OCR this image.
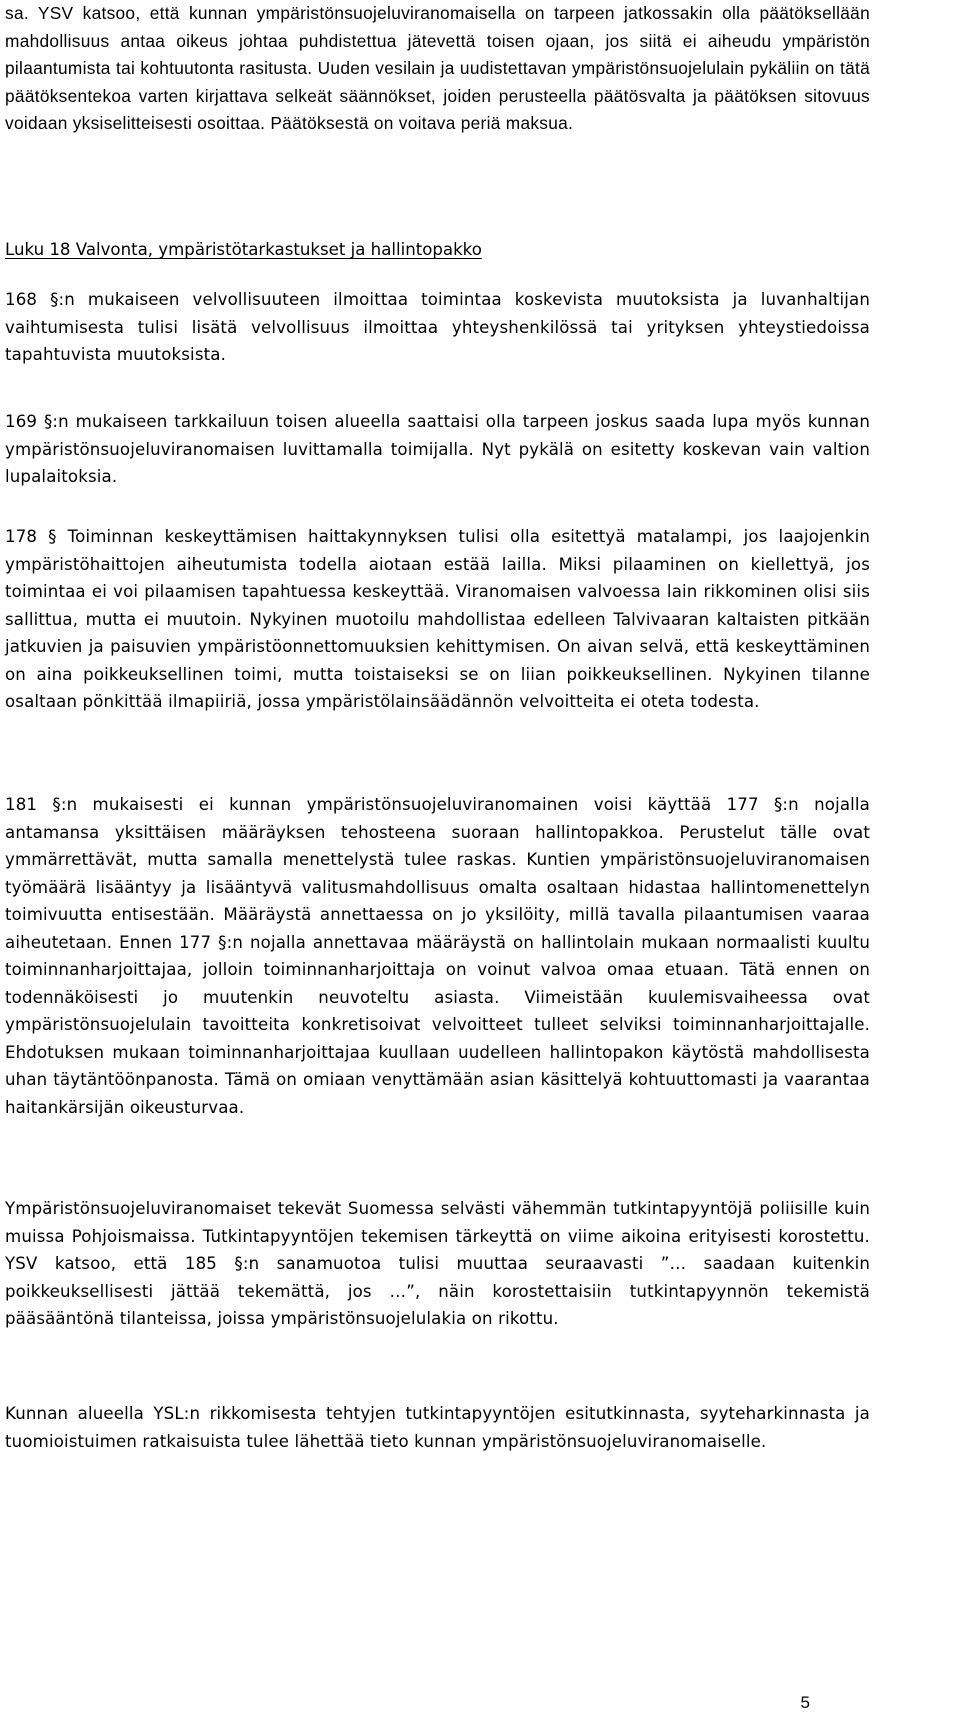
sa. YSV katsoo, että kunnan ympäristönsuojeluviranomaisella on tarpeen jatkossakin olla päätöksellään mahdollisuus antaa oikeus johtaa puhdistettua jätevettä toisen ojaan, jos siitä ei aiheudu ympäristön pilaantumista tai kohtuutonta rasitusta. Uuden vesilain ja uudistettavan ympäristönsuojelulain pykäliin on tätä päätöksentekoa varten kirjattava selkeät säännökset, joiden perusteella päätösvalta ja päätöksen sitovuus voidaan yksiselitteisesti osoittaa. Päätöksestä on voitava periä maksua.

Luku 18 Valvonta, ympäristötarkastukset ja hallintopakko

168 §:n mukaiseen velvollisuuteen ilmoittaa toimintaa koskevista muutoksista ja luvanhaltijan vaihtumisesta tulisi lisätä velvollisuus ilmoittaa yhteyshenkilössä tai yrityksen yhteystiedoissa tapahtuvista muutoksista.

169 §:n mukaiseen tarkkailuun toisen alueella saattaisi olla tarpeen joskus saada lupa myös kunnan ympäristönsuojeluviranomaisen luvittamalla toimijalla. Nyt pykälä on esitetty koskevan vain valtion lupalaitoksia.

178 § Toiminnan keskeyttämisen haittakynnyksen tulisi olla esitettyä matalampi, jos laajojenkin ympäristöhaittojen aiheutumista todella aiotaan estää lailla. Miksi pilaaminen on kiellettyä, jos toimintaa ei voi pilaamisen tapahtuessa keskeyttää. Viranomaisen valvoessa lain rikkominen olisi siis sallittua, mutta ei muutoin. Nykyinen muotoilu mahdollistaa edelleen Talvivaaran kaltaisten pitkään jatkuvien ja paisuvien ympäristöonnettomuuksien kehittymisen. On aivan selvä, että keskeyttäminen on aina poikkeuksellinen toimi, mutta toistaiseksi se on liian poikkeuksellinen. Nykyinen tilanne osaltaan pönkittää ilmapiiriä, jossa ympäristölainsäädännön velvoitteita ei oteta todesta.

181 §:n mukaisesti ei kunnan ympäristönsuojeluviranomainen voisi käyttää 177 §:n nojalla antamansa yksittäisen määräyksen tehosteena suoraan hallintopakkoa. Perustelut tälle ovat ymmärrettävät, mutta samalla menettelystä tulee raskas. Kuntien ympäristönsuojeluviranomaisen työmäärä lisääntyy ja lisääntyvä valitusmahdollisuus omalta osaltaan hidastaa hallintomenettelyn toimivuutta entisestään. Määräystä annettaessa on jo yksilöity, millä tavalla pilaantumisen vaaraa aiheutetaan. Ennen 177 §:n nojalla annettavaa määräystä on hallintolain mukaan normaalisti kuultu toiminnanharjoittajaa, jolloin toiminnanharjoittaja on voinut valvoa omaa etuaan. Tätä ennen on todennäköisesti jo muutenkin neuvoteltu asiasta. Viimeistään kuulemisvaiheessa ovat ympäristönsuojelulain tavoitteita konkretisoivat velvoitteet tulleet selviksi toiminnanharjoittajalle. Ehdotuksen mukaan toiminnanharjoittajaa kuullaan uudelleen hallintopakon käytöstä mahdollisesta uhan täytäntöönpanosta. Tämä on omiaan venyttämään asian käsittelyä kohtuuttomasti ja vaarantaa haitankärsijän oikeusturvaa.

Ympäristönsuojeluviranomaiset tekevät Suomessa selvästi vähemmän tutkintapyyntöjä poliisille kuin muissa Pohjoismaissa. Tutkintapyyntöjen tekemisen tärkeyttä on viime aikoina erityisesti korostettu. YSV katsoo, että 185 §:n sanamuotoa tulisi muuttaa seuraavasti ”… saadaan kuitenkin poikkeuksellisesti jättää tekemättä, jos …”, näin korostettaisiin tutkintapyynnön tekemistä pääsääntönä tilanteissa, joissa ympäristönsuojelulakia on rikottu.

Kunnan alueella YSL:n rikkomisesta tehtyjen tutkintapyyntöjen esitutkinnasta, syyteharkinnasta ja tuomioistuimen ratkaisuista tulee lähettää tieto kunnan ympäristönsuojeluviranomaiselle.

5
